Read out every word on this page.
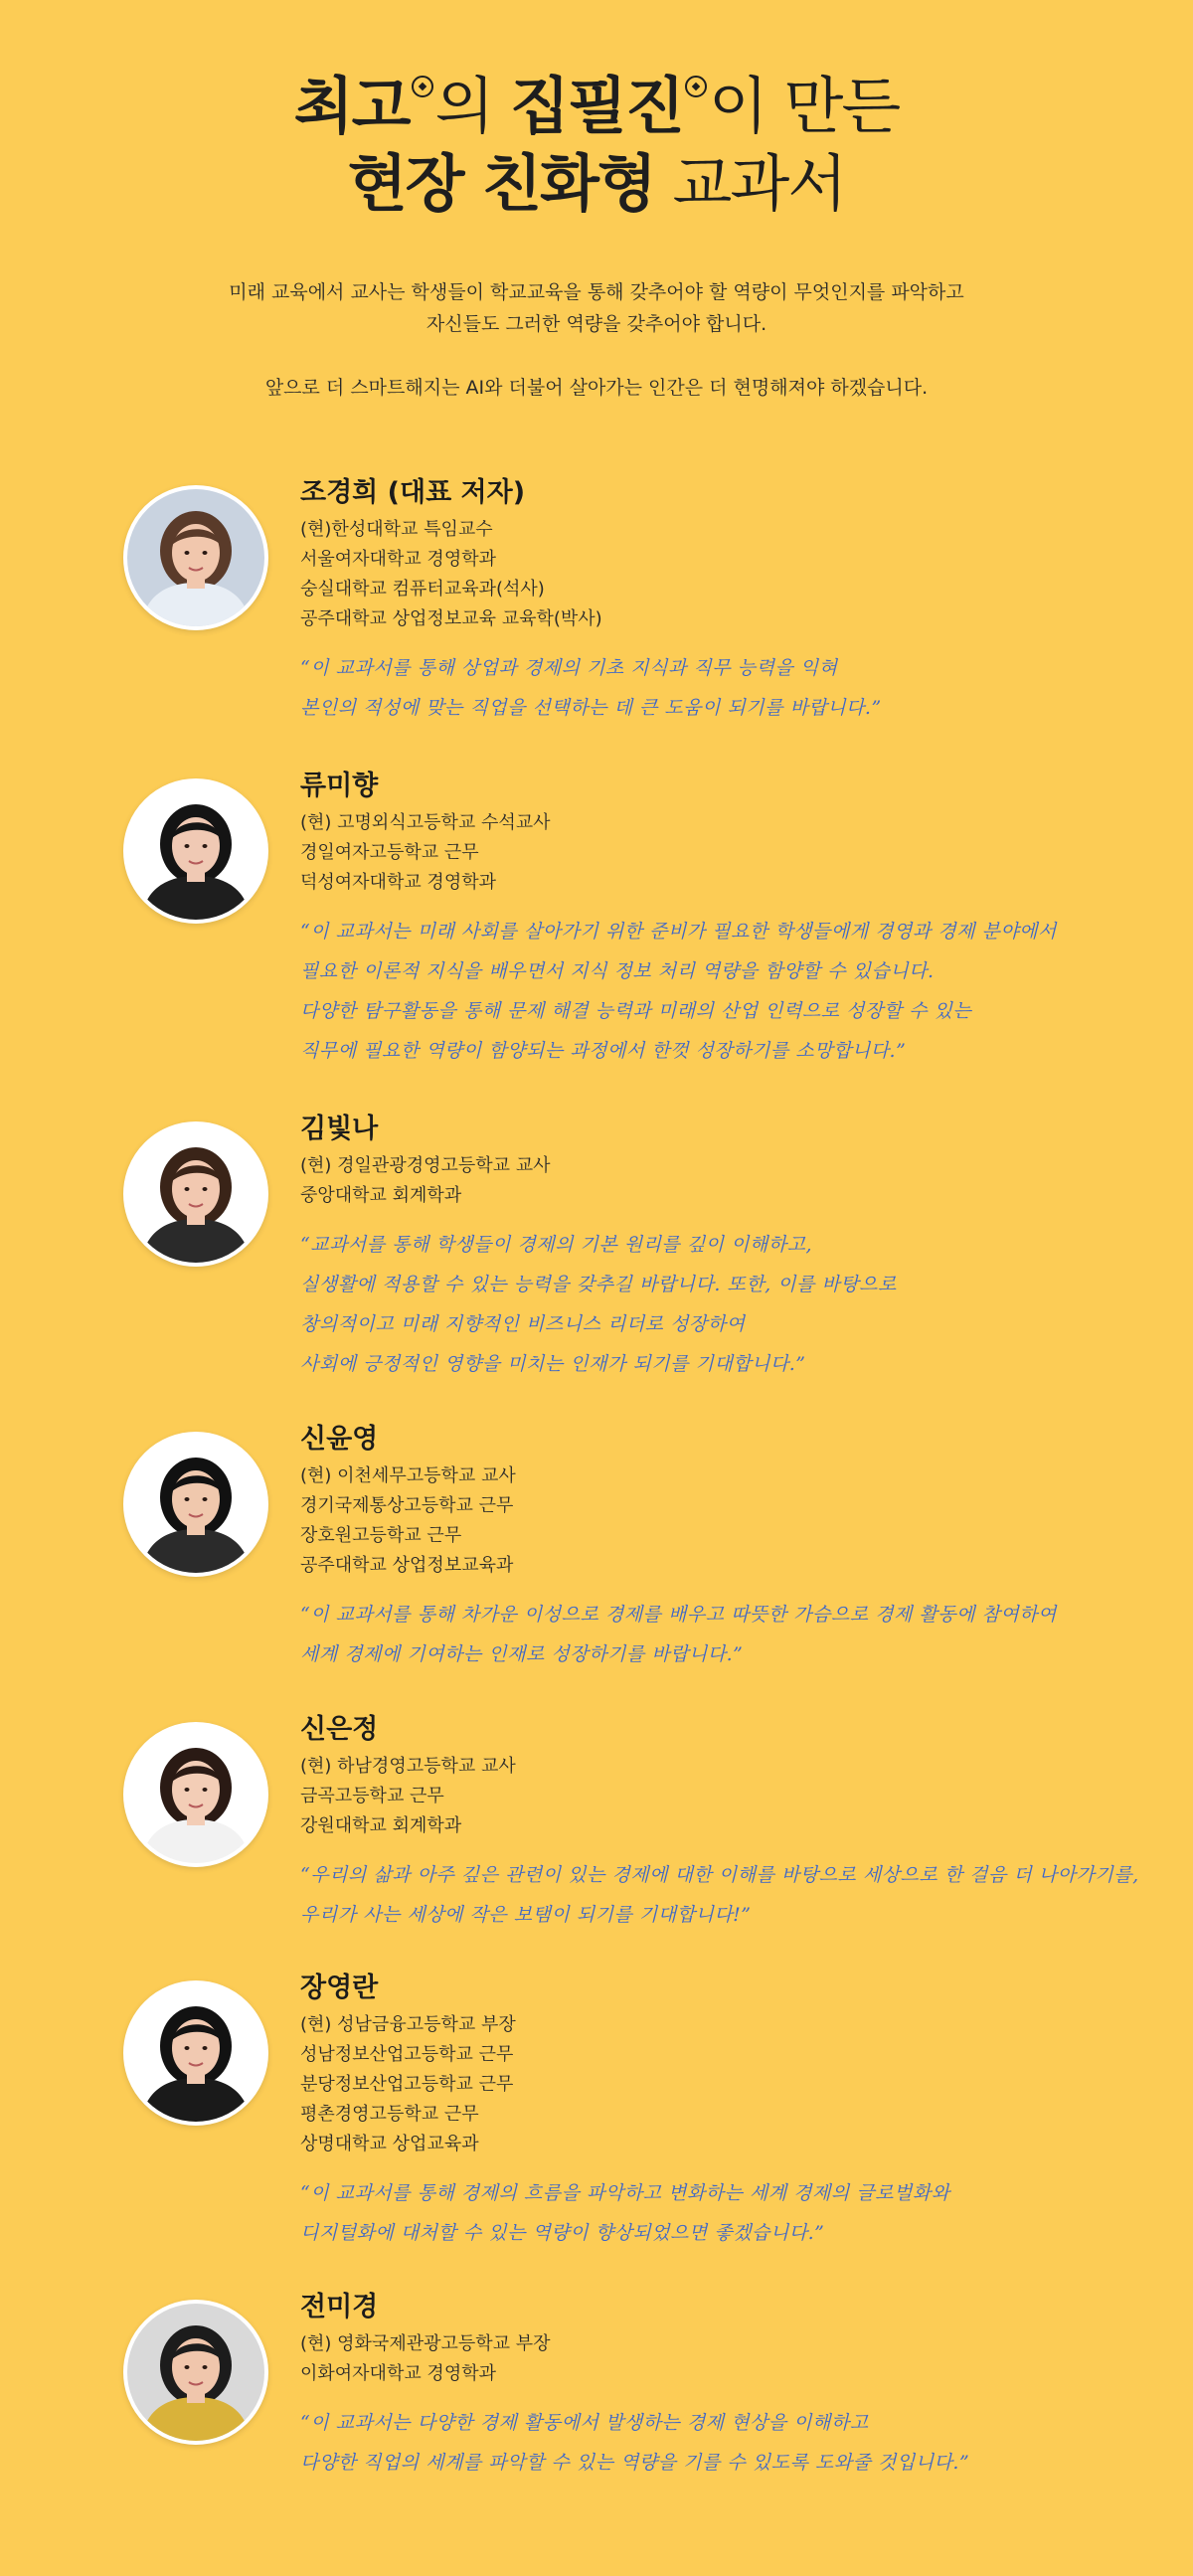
최고 의 집필진 이 만든
현장 친화형 교과서

미래 교육에서 교사는 학생들이 학교교육을 통해 갖추어야 할 역량이 무엇인지를 파악하고

자신들도 그러한 역량을 갖추어야 합니다.

앞으로 더 스마트해지는 AI와 더불어 살아가는 인간은 더 현명해져야 하겠습니다.

조경희 (대표 저자)

(현)한성대학교 특임교수

서울여자대학교 경영학과

숭실대학교 컴퓨터교육과(석사)

공주대학교 상업정보교육 교육학(박사)

“이 교과서를 통해 상업과 경제의 기초 지식과 직무 능력을 익혀

본인의 적성에 맞는 직업을 선택하는 데 큰 도움이 되기를 바랍니다.”

류미향

(현) 고명외식고등학교 수석교사

경일여자고등학교 근무

덕성여자대학교 경영학과

“이 교과서는 미래 사회를 살아가기 위한 준비가 필요한 학생들에게 경영과 경제 분야에서

필요한 이론적 지식을 배우면서 지식 정보 처리 역량을 함양할 수 있습니다.

다양한 탐구활동을 통해 문제 해결 능력과 미래의 산업 인력으로 성장할 수 있는

직무에 필요한 역량이 함양되는 과정에서 한껏 성장하기를 소망합니다.”

김빛나

(현) 경일관광경영고등학교 교사

중앙대학교 회계학과

“교과서를 통해 학생들이 경제의 기본 원리를 깊이 이해하고,

실생활에 적용할 수 있는 능력을 갖추길 바랍니다. 또한, 이를 바탕으로

창의적이고 미래 지향적인 비즈니스 리더로 성장하여

사회에 긍정적인 영향을 미치는 인재가 되기를 기대합니다.”

신윤영

(현) 이천세무고등학교 교사

경기국제통상고등학교 근무

장호원고등학교 근무

공주대학교 상업정보교육과

“이 교과서를 통해 차가운 이성으로 경제를 배우고 따뜻한 가슴으로 경제 활동에 참여하여

세계 경제에 기여하는 인재로 성장하기를 바랍니다.”

신은정

(현) 하남경영고등학교 교사

금곡고등학교 근무

강원대학교 회계학과

“우리의 삶과 아주 깊은 관련이 있는 경제에 대한 이해를 바탕으로 세상으로 한 걸음 더 나아가기를,

우리가 사는 세상에 작은 보탬이 되기를 기대합니다!”

장영란

(현) 성남금융고등학교 부장

성남정보산업고등학교 근무

분당정보산업고등학교 근무

평촌경영고등학교 근무

상명대학교 상업교육과

“이 교과서를 통해 경제의 흐름을 파악하고 변화하는 세계 경제의 글로벌화와

디지털화에 대처할 수 있는 역량이 향상되었으면 좋겠습니다.”

전미경

(현) 영화국제관광고등학교 부장

이화여자대학교 경영학과

“이 교과서는 다양한 경제 활동에서 발생하는 경제 현상을 이해하고

다양한 직업의 세계를 파악할 수 있는 역량을 기를 수 있도록 도와줄 것입니다.”
